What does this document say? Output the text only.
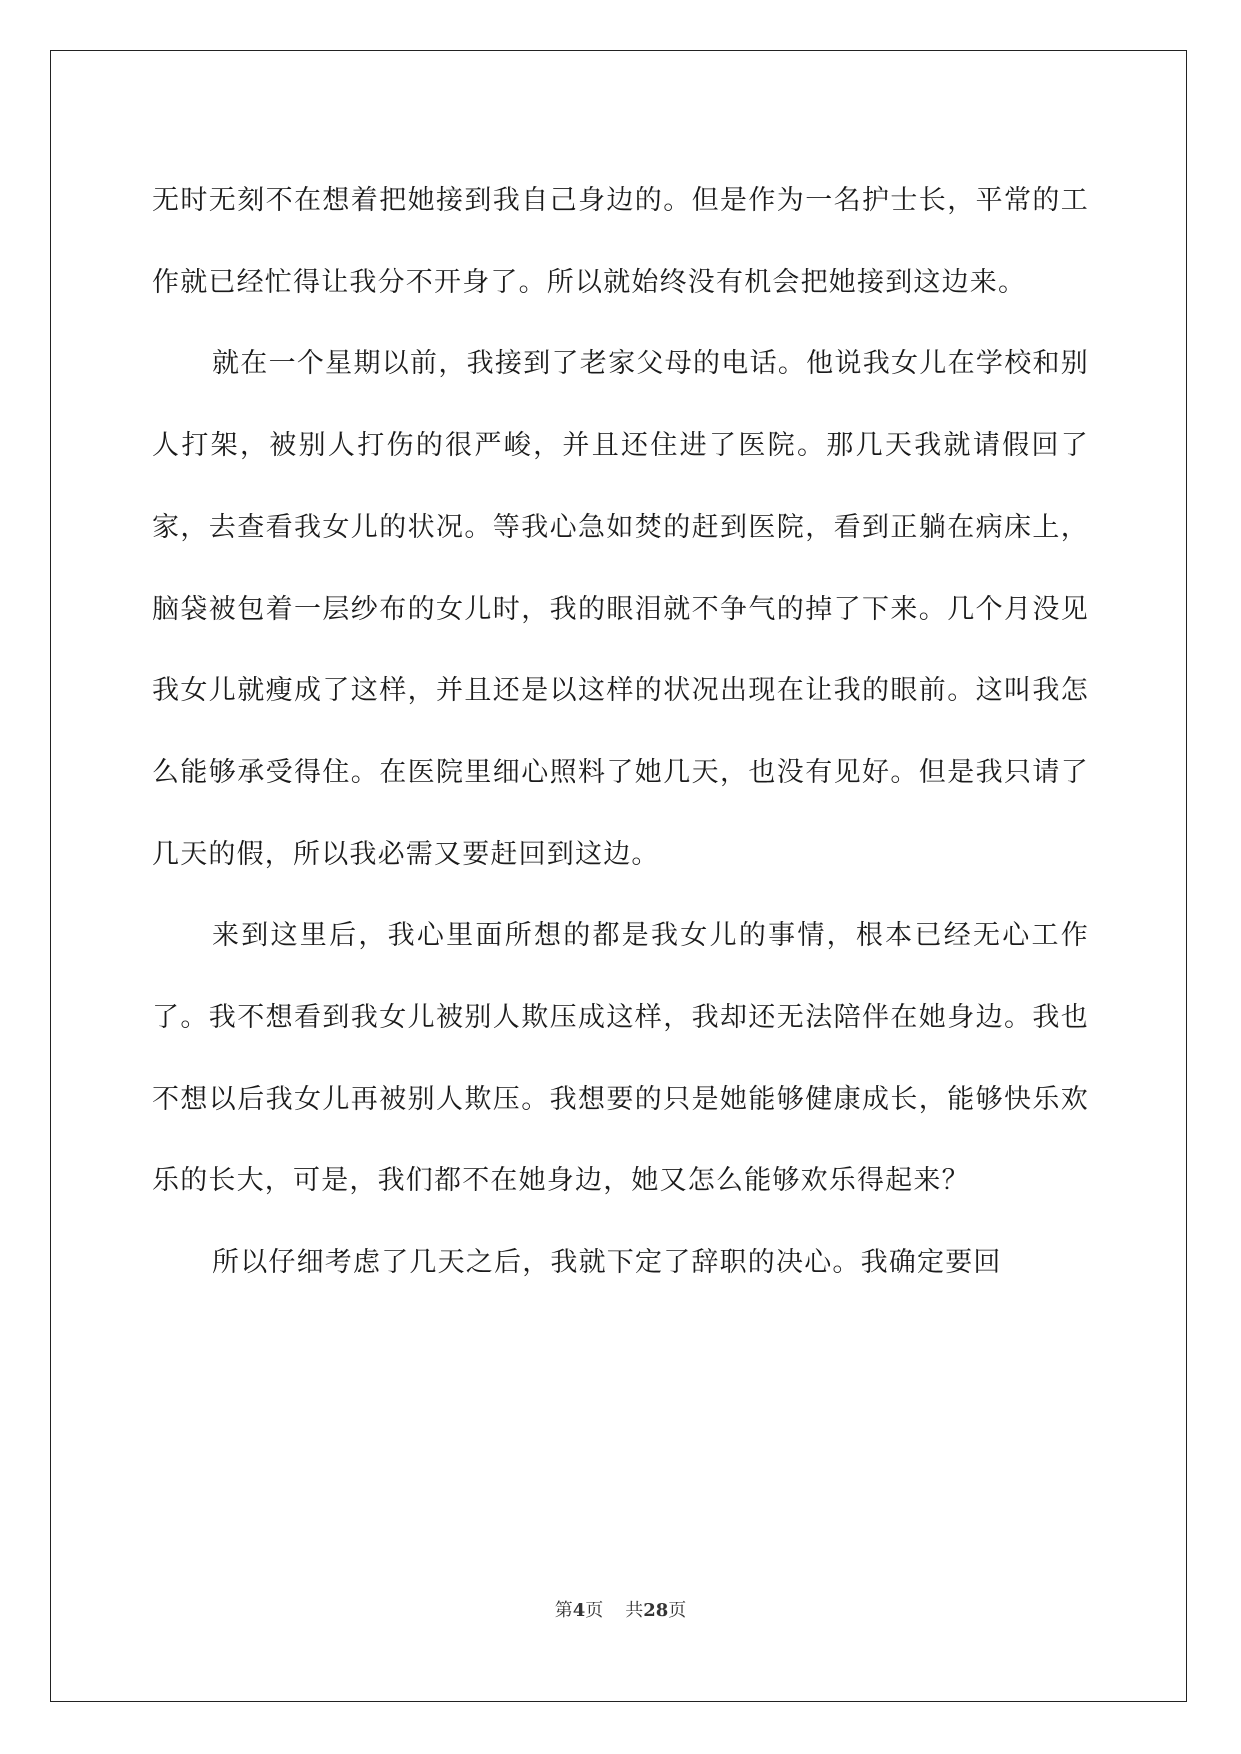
无时无刻不在想着把她接到我自己身边的。但是作为一名护士长，平常的工作就已经忙得让我分不开身了。所以就始终没有机会把她接到这边来。

就在一个星期以前，我接到了老家父母的电话。他说我女儿在学校和别人打架，被别人打伤的很严峻，并且还住进了医院。那几天我就请假回了家，去查看我女儿的状况。等我心急如焚的赶到医院，看到正躺在病床上，脑袋被包着一层纱布的女儿时，我的眼泪就不争气的掉了下来。几个月没见我女儿就瘦成了这样，并且还是以这样的状况出现在让我的眼前。这叫我怎么能够承受得住。在医院里细心照料了她几天，也没有见好。但是我只请了几天的假，所以我必需又要赶回到这边。

来到这里后，我心里面所想的都是我女儿的事情，根本已经无心工作了。我不想看到我女儿被别人欺压成这样，我却还无法陪伴在她身边。我也不想以后我女儿再被别人欺压。我想要的只是她能够健康成长，能够快乐欢乐的长大，可是，我们都不在她身边，她又怎么能够欢乐得起来？

所以仔细考虑了几天之后，我就下定了辞职的决心。我确定要回

第4页 共28页
